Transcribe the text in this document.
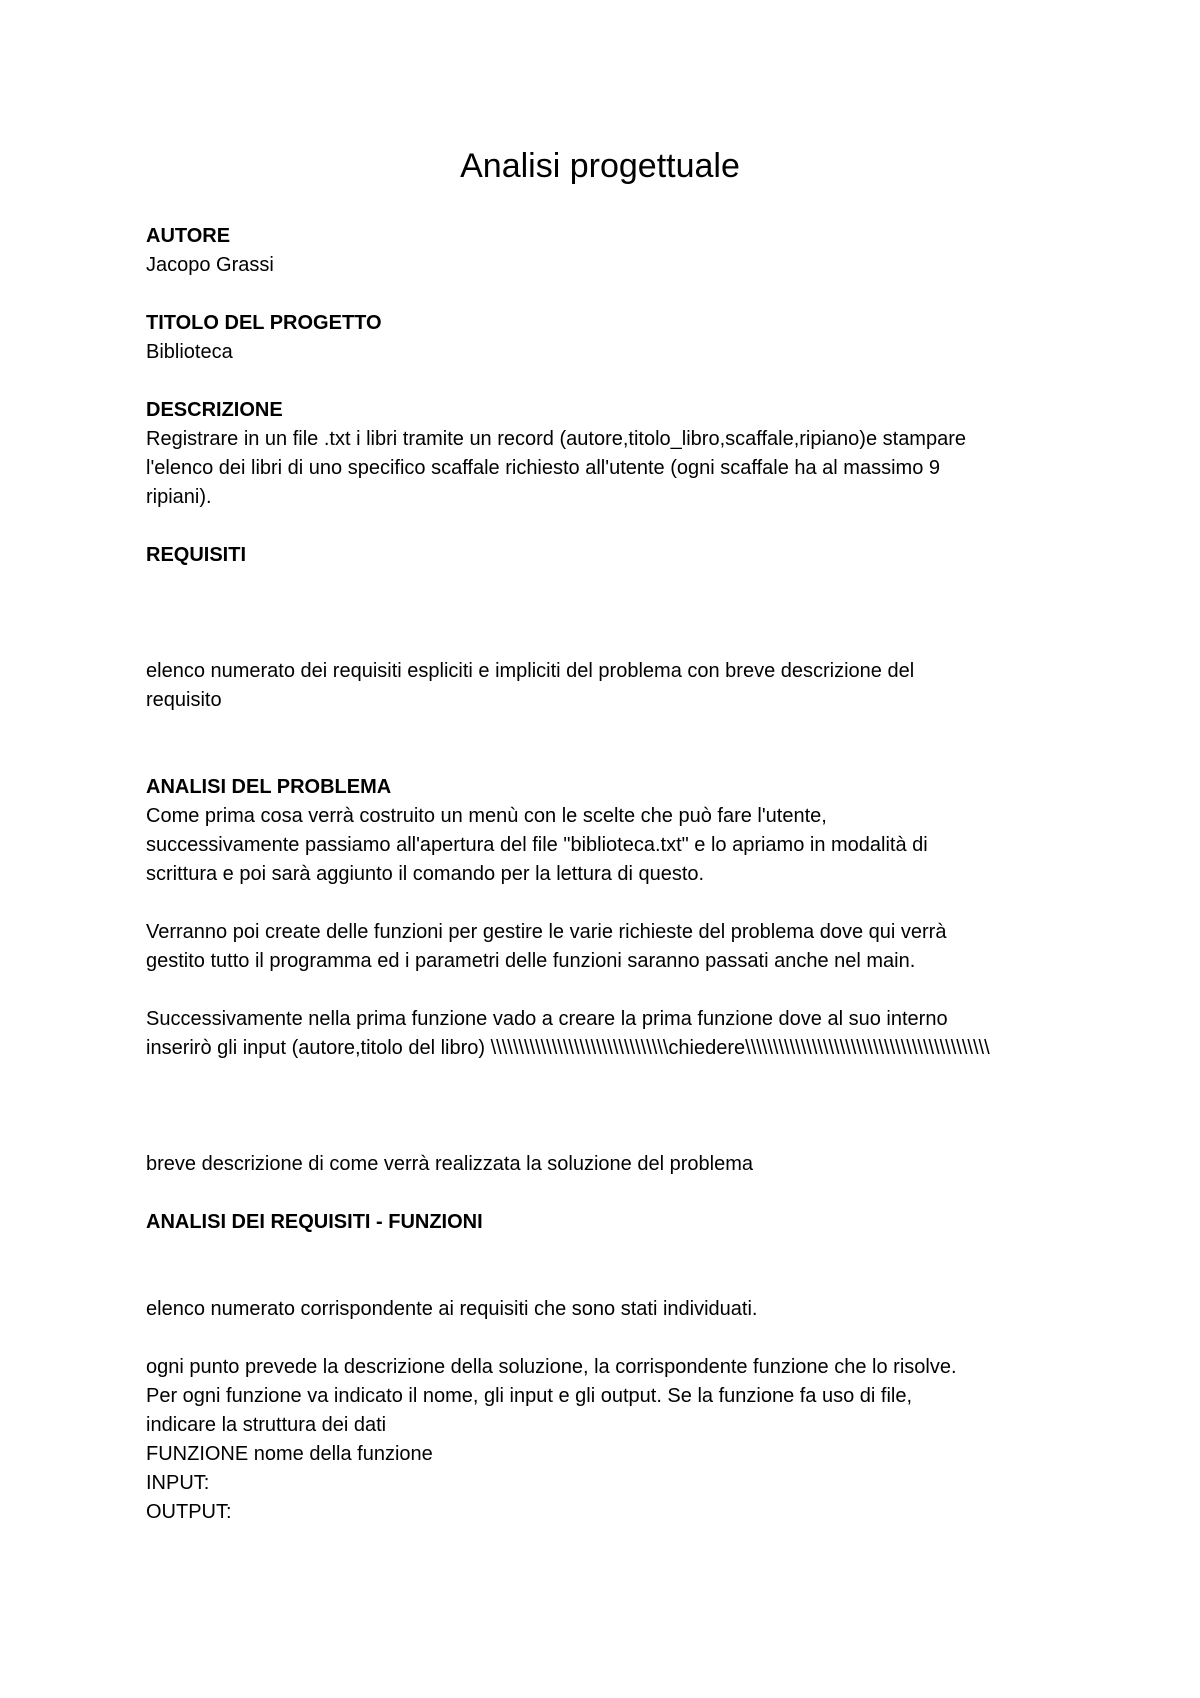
Analisi progettuale

AUTORE

Jacopo Grassi

TITOLO DEL PROGETTO

Biblioteca

DESCRIZIONE

Registrare in un file .txt i libri tramite un record (autore,titolo_libro,scaffale,ripiano)e stampare

l'elenco dei libri di uno specifico scaffale richiesto all'utente (ogni scaffale ha al massimo 9

ripiani).

REQUISITI

elenco numerato dei requisiti espliciti e impliciti del problema con breve descrizione del

requisito

ANALISI DEL PROBLEMA

Come prima cosa verrà costruito un menù con le scelte che può fare l'utente,

successivamente passiamo all'apertura del file "biblioteca.txt" e lo apriamo in modalità di

scrittura e poi sarà aggiunto il comando per la lettura di questo.

Verranno poi create delle funzioni per gestire le varie richieste del problema dove qui verrà

gestito tutto il programma ed i parametri delle funzioni saranno passati anche nel main.

Successivamente nella prima funzione vado a creare la prima funzione dove al suo interno

inserirò gli input (autore,titolo del libro) \\\\\\\\\\\\\\\\\\\\\\\\\\\\\\\\chiedere\\\\\\\\\\\\\\\\\\\\\\\\\\\\\\\\\\\\\\\\\\\\

breve descrizione di come verrà realizzata la soluzione del problema

ANALISI DEI REQUISITI - FUNZIONI

elenco numerato corrispondente ai requisiti che sono stati individuati.

ogni punto prevede la descrizione della soluzione, la corrispondente funzione che lo risolve.

Per ogni funzione va indicato il nome, gli input e gli output. Se la funzione fa uso di file,

indicare la struttura dei dati

FUNZIONE nome della funzione

INPUT:

OUTPUT:
